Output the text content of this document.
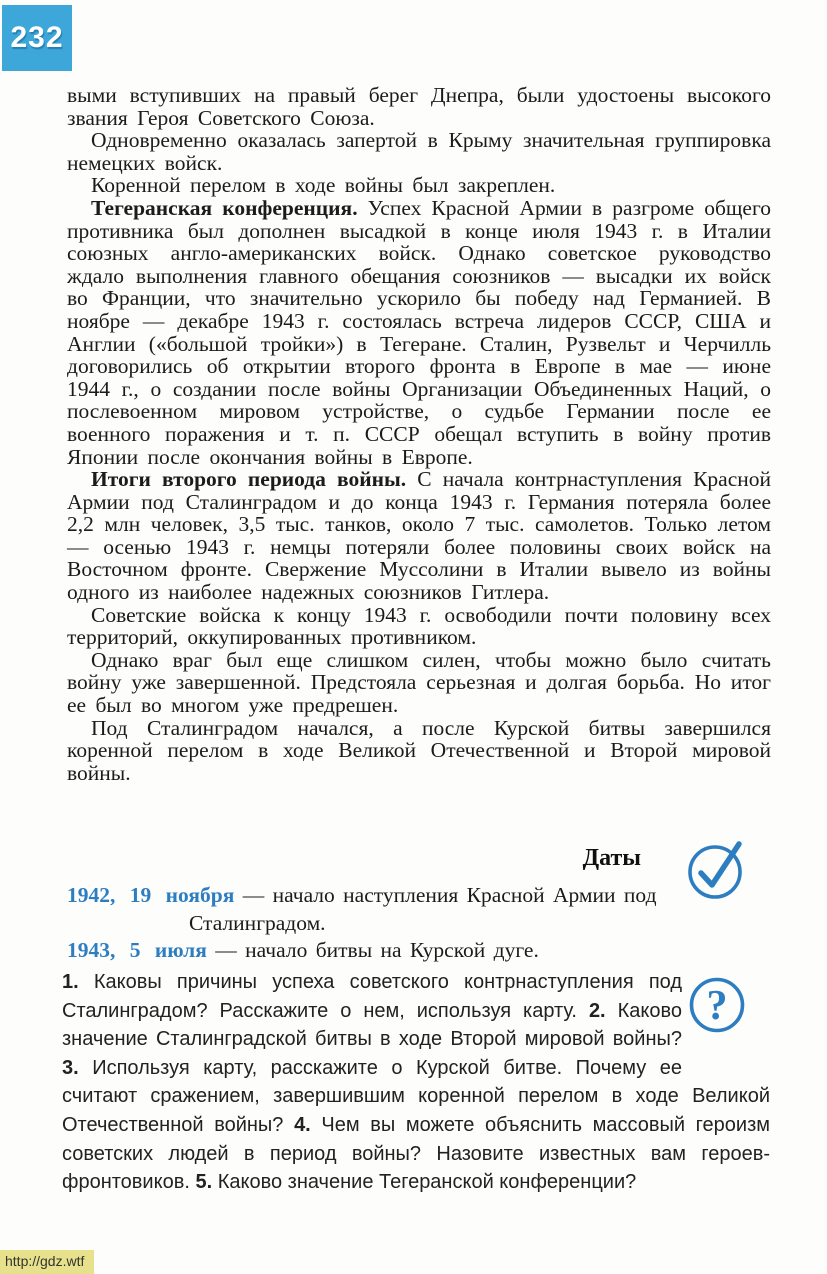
232

выми вступивших на правый берег Днепра, были удостоены высокого звания Героя Советского Союза.

Одновременно оказалась запертой в Крыму значительная группировка немецких войск.

Коренной перелом в ходе войны был закреплен.

Тегеранская конференция. Успех Красной Армии в разгроме общего противника был дополнен высадкой в конце июля 1943 г. в Италии союзных англо-американских войск. Однако советское руководство ждало выполнения главного обещания союзников — высадки их войск во Франции, что значительно ускорило бы победу над Германией. В ноябре — декабре 1943 г. состоялась встреча лидеров СССР, США и Англии («большой тройки») в Тегеране. Сталин, Рузвельт и Черчилль договорились об открытии второго фронта в Европе в мае — июне 1944 г., о создании после войны Организации Объединенных Наций, о послевоенном мировом устройстве, о судьбе Германии после ее военного поражения и т. п. СССР обещал вступить в войну против Японии после окончания войны в Европе.

Итоги второго периода войны. С начала контрнаступления Красной Армии под Сталинградом и до конца 1943 г. Германия потеряла более 2,2 млн человек, 3,5 тыс. танков, около 7 тыс. самолетов. Только летом — осенью 1943 г. немцы потеряли более половины своих войск на Восточном фронте. Свержение Муссолини в Италии вывело из войны одного из наиболее надежных союзников Гитлера.

Советские войска к концу 1943 г. освободили почти половину всех территорий, оккупированных противником.

Однако враг был еще слишком силен, чтобы можно было считать войну уже завершенной. Предстояла серьезная и долгая борьба. Но итог ее был во многом уже предрешен.

Под Сталинградом начался, а после Курской битвы завершился коренной перелом в ходе Великой Отечественной и Второй мировой войны.

Даты

1942, 19 ноября — начало наступления Красной Армии под Сталинградом.

1943, 5 июля — начало битвы на Курской дуге.

?

1. Каковы причины успеха советского контрнаступления под Сталинградом? Расскажите о нем, используя карту. 2. Каково значение Сталинградской битвы в ходе Второй мировой войны? 3. Используя карту, расскажите о Курской битве. Почему ее считают сражением, завершившим коренной перелом в ходе Великой Отечественной войны? 4. Чем вы можете объяснить массовый героизм советских людей в период войны? Назовите известных вам героев-фронтовиков. 5. Каково значение Тегеранской конференции?

http://gdz.wtf
